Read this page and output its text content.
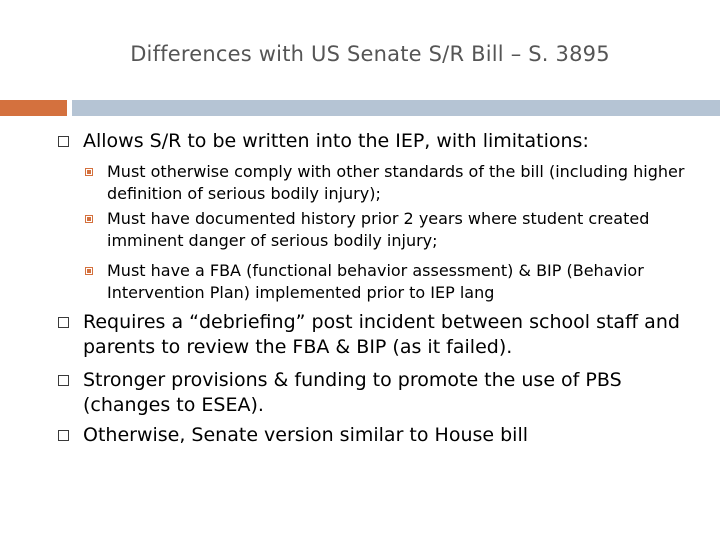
Differences with US Senate S/R Bill – S. 3895
Allows S/R to be written into the IEP, with limitations:
Must otherwise comply with other standards of the bill (including higher definition of serious bodily injury);
Must have documented history prior 2 years where student created imminent danger of serious bodily injury;
Must have a FBA (functional behavior assessment) & BIP (Behavior Intervention Plan) implemented prior to IEP lang
Requires a “debriefing” post incident between school staff and parents to review the FBA & BIP (as it failed).
Stronger provisions & funding to promote the use of PBS (changes to ESEA).
Otherwise, Senate version similar to House bill
